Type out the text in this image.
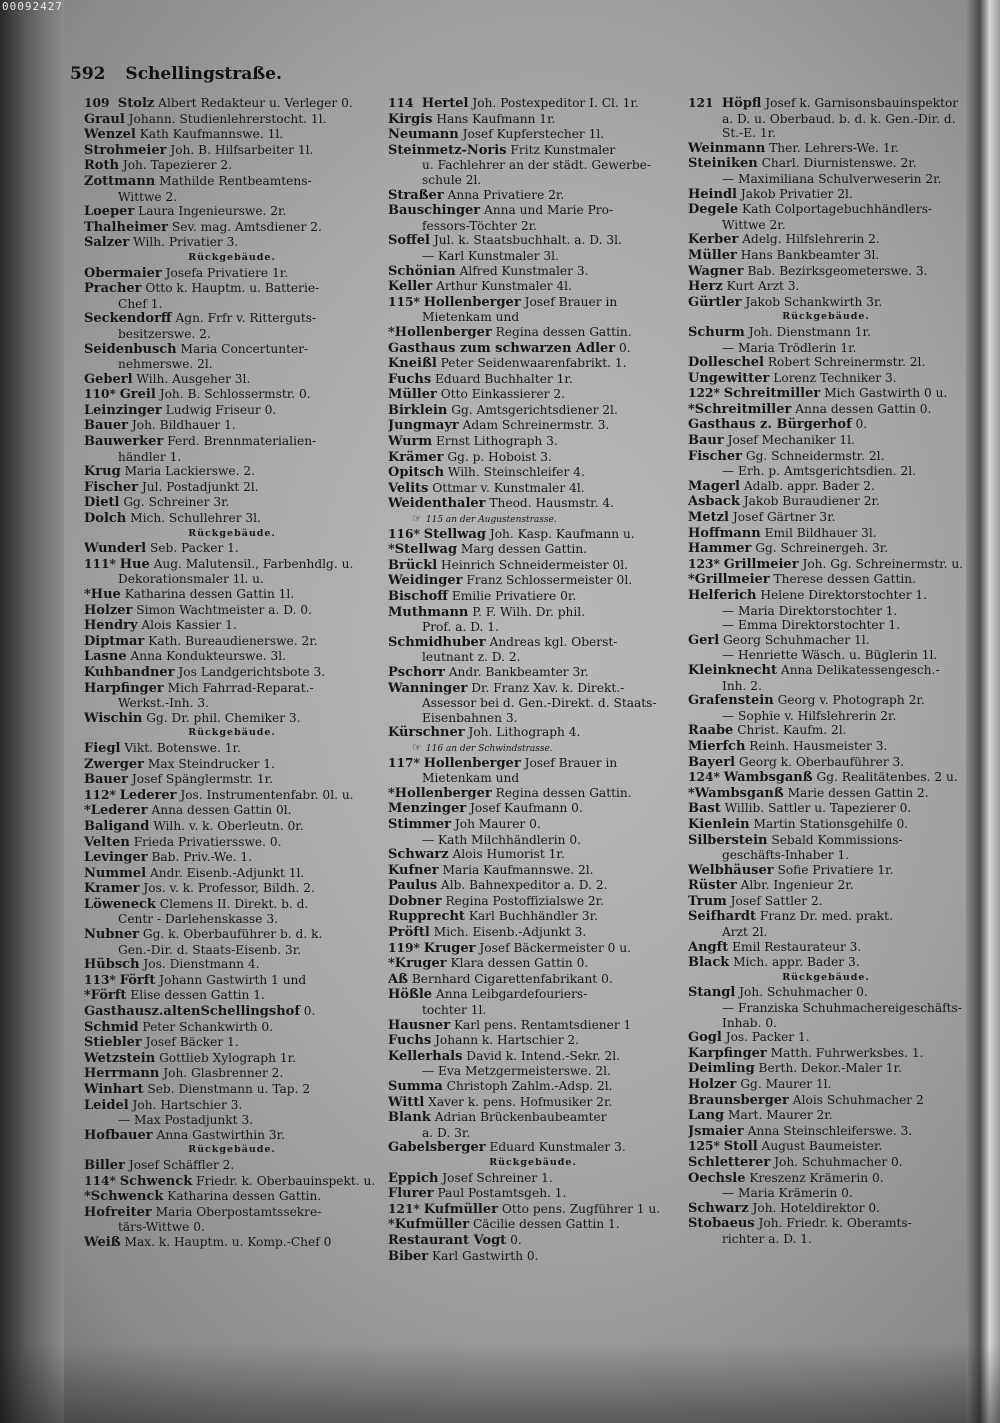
00092427
592 Schellingstraße.
109 Stolz Albert Redakteur u. Verleger 0.
Graul Johann. Studienlehrerstocht. 1l.
Wenzel Kath Kaufmannswe. 1l.
Strohmeier Joh. B. Hilfsarbeiter 1l.
Roth Joh. Tapezierer 2.
Zottmann Mathilde Rentbeamtens-
Wittwe 2.
Loeper Laura Ingenieurswe. 2r.
Thalheimer Sev. mag. Amtsdiener 2.
Salzer Wilh. Privatier 3.
Rückgebäude.
Obermaier Josefa Privatiere 1r.
Pracher Otto k. Hauptm. u. Batterie-
Chef 1.
Seckendorff Agn. Frfr v. Ritterguts-
besitzerswe. 2.
Seidenbusch Maria Concertunter-
nehmerswe. 2l.
Geberl Wilh. Ausgeher 3l.
110* Greil Joh. B. Schlossermstr. 0.
Leinzinger Ludwig Friseur 0.
Bauer Joh. Bildhauer 1.
Bauwerker Ferd. Brennmaterialien-
händler 1.
Krug Maria Lackierswe. 2.
Fischer Jul. Postadjunkt 2l.
Dietl Gg. Schreiner 3r.
Dolch Mich. Schullehrer 3l.
Rückgebäude.
Wunderl Seb. Packer 1.
111* Hue Aug. Malutensil., Farbenhdlg. u.
Dekorationsmaler 1l. u.
*Hue Katharina dessen Gattin 1l.
Holzer Simon Wachtmeister a. D. 0.
Hendry Alois Kassier 1.
Diptmar Kath. Bureaudienerswe. 2r.
Lasne Anna Kondukteurswe. 3l.
Kuhbandner Jos Landgerichtsbote 3.
Harpfinger Mich Fahrrad-Reparat.-
Werkst.-Inh. 3.
Wischin Gg. Dr. phil. Chemiker 3.
Rückgebäude.
Fiegl Vikt. Botenswe. 1r.
Zwerger Max Steindrucker 1.
Bauer Josef Spänglermstr. 1r.
112* Lederer Jos. Instrumentenfabr. 0l. u.
*Lederer Anna dessen Gattin 0l.
Baligand Wilh. v. k. Oberleutn. 0r.
Velten Frieda Privatiersswe. 0.
Levinger Bab. Priv.-We. 1.
Nummel Andr. Eisenb.-Adjunkt 1l.
Kramer Jos. v. k. Professor, Bildh. 2.
Löweneck Clemens II. Direkt. b. d.
Centr - Darlehenskasse 3.
Nubner Gg. k. Oberbauführer b. d. k.
Gen.-Dir. d. Staats-Eisenb. 3r.
Hübsch Jos. Dienstmann 4.
113* Förft Johann Gastwirth 1 und
*Förft Elise dessen Gattin 1.
Gasthausz.altenSchellingshof 0.
Schmid Peter Schankwirth 0.
Stiebler Josef Bäcker 1.
Wetzstein Gottlieb Xylograph 1r.
Herrmann Joh. Glasbrenner 2.
Winhart Seb. Dienstmann u. Tap. 2
Leidel Joh. Hartschier 3.
— Max Postadjunkt 3.
Hofbauer Anna Gastwirthin 3r.
Rückgebäude.
Biller Josef Schäffler 2.
114* Schwenck Friedr. k. Oberbauinspekt. u.
*Schwenck Katharina dessen Gattin.
Hofreiter Maria Oberpostamtssekre-
tärs-Wittwe 0.
Weiß Max. k. Hauptm. u. Komp.-Chef 0
114 Hertel Joh. Postexpeditor I. Cl. 1r.
Kirgis Hans Kaufmann 1r.
Neumann Josef Kupferstecher 1l.
Steinmetz-Noris Fritz Kunstmaler
u. Fachlehrer an der städt. Gewerbe-
schule 2l.
Straßer Anna Privatiere 2r.
Bauschinger Anna und Marie Pro-
fessors-Töchter 2r.
Soffel Jul. k. Staatsbuchhalt. a. D. 3l.
— Karl Kunstmaler 3l.
Schönian Alfred Kunstmaler 3.
Keller Arthur Kunstmaler 4l.
115* Hollenberger Josef Brauer in
Mietenkam und
*Hollenberger Regina dessen Gattin.
Gasthaus zum schwarzen Adler 0.
Kneißl Peter Seidenwaarenfabrikt. 1.
Fuchs Eduard Buchhalter 1r.
Müller Otto Einkassierer 2.
Birklein Gg. Amtsgerichtsdiener 2l.
Jungmayr Adam Schreinermstr. 3.
Wurm Ernst Lithograph 3.
Krämer Gg. p. Hoboist 3.
Opitsch Wilh. Steinschleifer 4.
Velits Ottmar v. Kunstmaler 4l.
Weidenthaler Theod. Hausmstr. 4.
☞ 115 an der Augustenstrasse.
116* Stellwag Joh. Kasp. Kaufmann u.
*Stellwag Marg dessen Gattin.
Brückl Heinrich Schneidermeister 0l.
Weidinger Franz Schlossermeister 0l.
Bischoff Emilie Privatiere 0r.
Muthmann P. F. Wilh. Dr. phil.
Prof. a. D. 1.
Schmidhuber Andreas kgl. Oberst-
leutnant z. D. 2.
Pschorr Andr. Bankbeamter 3r.
Wanninger Dr. Franz Xav. k. Direkt.-
Assessor bei d. Gen.-Direkt. d. Staats-
Eisenbahnen 3.
Kürschner Joh. Lithograph 4.
☞ 116 an der Schwindstrasse.
117* Hollenberger Josef Brauer in
Mietenkam und
*Hollenberger Regina dessen Gattin.
Menzinger Josef Kaufmann 0.
Stimmer Joh Maurer 0.
— Kath Milchhändlerin 0.
Schwarz Alois Humorist 1r.
Kufner Maria Kaufmannswe. 2l.
Paulus Alb. Bahnexpeditor a. D. 2.
Dobner Regina Postoffizialswe 2r.
Rupprecht Karl Buchhändler 3r.
Pröftl Mich. Eisenb.-Adjunkt 3.
119* Kruger Josef Bäckermeister 0 u.
*Kruger Klara dessen Gattin 0.
Aß Bernhard Cigarettenfabrikant 0.
Hößle Anna Leibgardefouriers-
tochter 1l.
Hausner Karl pens. Rentamtsdiener 1
Fuchs Johann k. Hartschier 2.
Kellerhals David k. Intend.-Sekr. 2l.
— Eva Metzgermeisterswe. 2l.
Summa Christoph Zahlm.-Adsp. 2l.
Wittl Xaver k. pens. Hofmusiker 2r.
Blank Adrian Brückenbaubeamter
a. D. 3r.
Gabelsberger Eduard Kunstmaler 3.
Rückgebäude.
Eppich Josef Schreiner 1.
Flurer Paul Postamtsgeh. 1.
121* Kufmüller Otto pens. Zugführer 1 u.
*Kufmüller Cäcilie dessen Gattin 1.
Restaurant Vogt 0.
Biber Karl Gastwirth 0.
121 Höpfl Josef k. Garnisonsbauinspektor
a. D. u. Oberbaud. b. d. k. Gen.-Dir. d.
St.-E. 1r.
Weinmann Ther. Lehrers-We. 1r.
Steiniken Charl. Diurnistenswe. 2r.
— Maximiliana Schulverweserin 2r.
Heindl Jakob Privatier 2l.
Degele Kath Colportagebuchhändlers-
Wittwe 2r.
Kerber Adelg. Hilfslehrerin 2.
Müller Hans Bankbeamter 3l.
Wagner Bab. Bezirksgeometerswe. 3.
Herz Kurt Arzt 3.
Gürtler Jakob Schankwirth 3r.
Rückgebäude.
Schurm Joh. Dienstmann 1r.
— Maria Trödlerin 1r.
Dolleschel Robert Schreinermstr. 2l.
Ungewitter Lorenz Techniker 3.
122* Schreitmiller Mich Gastwirth 0 u.
*Schreitmiller Anna dessen Gattin 0.
Gasthaus z. Bürgerhof 0.
Baur Josef Mechaniker 1l.
Fischer Gg. Schneidermstr. 2l.
— Erh. p. Amtsgerichtsdien. 2l.
Magerl Adalb. appr. Bader 2.
Asback Jakob Buraudiener 2r.
Metzl Josef Gärtner 3r.
Hoffmann Emil Bildhauer 3l.
Hammer Gg. Schreinergeh. 3r.
123* Grillmeier Joh. Gg. Schreinermstr. u.
*Grillmeier Therese dessen Gattin.
Helferich Helene Direktorstochter 1.
— Maria Direktorstochter 1.
— Emma Direktorstochter 1.
Gerl Georg Schuhmacher 1l.
— Henriette Wäsch. u. Büglerin 1l.
Kleinknecht Anna Delikatessengesch.-
Inh. 2.
Grafenstein Georg v. Photograph 2r.
— Sophie v. Hilfslehrerin 2r.
Raabe Christ. Kaufm. 2l.
Mierfch Reinh. Hausmeister 3.
Bayerl Georg k. Oberbauführer 3.
124* Wambsganß Gg. Realitätenbes. 2 u.
*Wambsganß Marie dessen Gattin 2.
Bast Willib. Sattler u. Tapezierer 0.
Kienlein Martin Stationsgehilfe 0.
Silberstein Sebald Kommissions-
geschäfts-Inhaber 1.
Welbhäuser Sofie Privatiere 1r.
Rüster Albr. Ingenieur 2r.
Trum Josef Sattler 2.
Seifhardt Franz Dr. med. prakt.
Arzt 2l.
Angft Emil Restaurateur 3.
Black Mich. appr. Bader 3.
Rückgebäude.
Stangl Joh. Schuhmacher 0.
— Franziska Schuhmachereigeschäfts-
Inhab. 0.
Gogl Jos. Packer 1.
Karpfinger Matth. Fuhrwerksbes. 1.
Deimling Berth. Dekor.-Maler 1r.
Holzer Gg. Maurer 1l.
Braunsberger Alois Schuhmacher 2
Lang Mart. Maurer 2r.
Jsmaier Anna Steinschleiferswe. 3.
125* Stoll August Baumeister.
Schletterer Joh. Schuhmacher 0.
Oechsle Kreszenz Krämerin 0.
— Maria Krämerin 0.
Schwarz Joh. Hoteldirektor 0.
Stobaeus Joh. Friedr. k. Oberamts-
richter a. D. 1.
